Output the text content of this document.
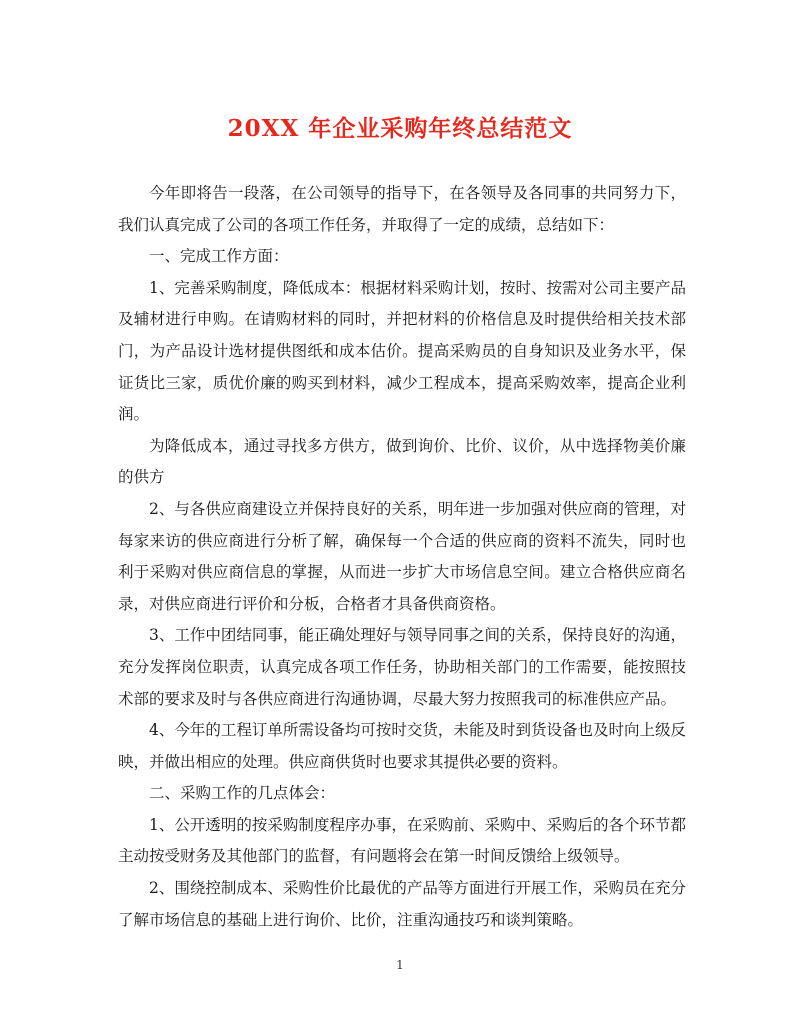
20XX 年企业采购年终总结范文

今年即将告一段落，在公司领导的指导下，在各领导及各同事的共同努力下，我们认真完成了公司的各项工作任务，并取得了一定的成绩，总结如下：

一、完成工作方面：

1、完善采购制度，降低成本：根据材料采购计划，按时、按需对公司主要产品及辅材进行申购。在请购材料的同时，并把材料的价格信息及时提供给相关技术部门，为产品设计选材提供图纸和成本估价。提高采购员的自身知识及业务水平，保证货比三家，质优价廉的购买到材料，减少工程成本，提高采购效率，提高企业利润。

为降低成本，通过寻找多方供方，做到询价、比价、议价，从中选择物美价廉的供方

2、与各供应商建设立并保持良好的关系，明年进一步加强对供应商的管理，对每家来访的供应商进行分析了解，确保每一个合适的供应商的资料不流失，同时也利于采购对供应商信息的掌握，从而进一步扩大市场信息空间。建立合格供应商名录，对供应商进行评价和分板，合格者才具备供商资格。

3、工作中团结同事，能正确处理好与领导同事之间的关系，保持良好的沟通，充分发挥岗位职责，认真完成各项工作任务，协助相关部门的工作需要，能按照技术部的要求及时与各供应商进行沟通协调，尽最大努力按照我司的标准供应产品。

4、今年的工程订单所需设备均可按时交货，未能及时到货设备也及时向上级反映，并做出相应的处理。供应商供货时也要求其提供必要的资料。

二、采购工作的几点体会：

1、公开透明的按采购制度程序办事，在采购前、采购中、采购后的各个环节都主动按受财务及其他部门的监督，有问题将会在第一时间反馈给上级领导。

2、围绕控制成本、采购性价比最优的产品等方面进行开展工作，采购员在充分了解市场信息的基础上进行询价、比价，注重沟通技巧和谈判策略。

1
